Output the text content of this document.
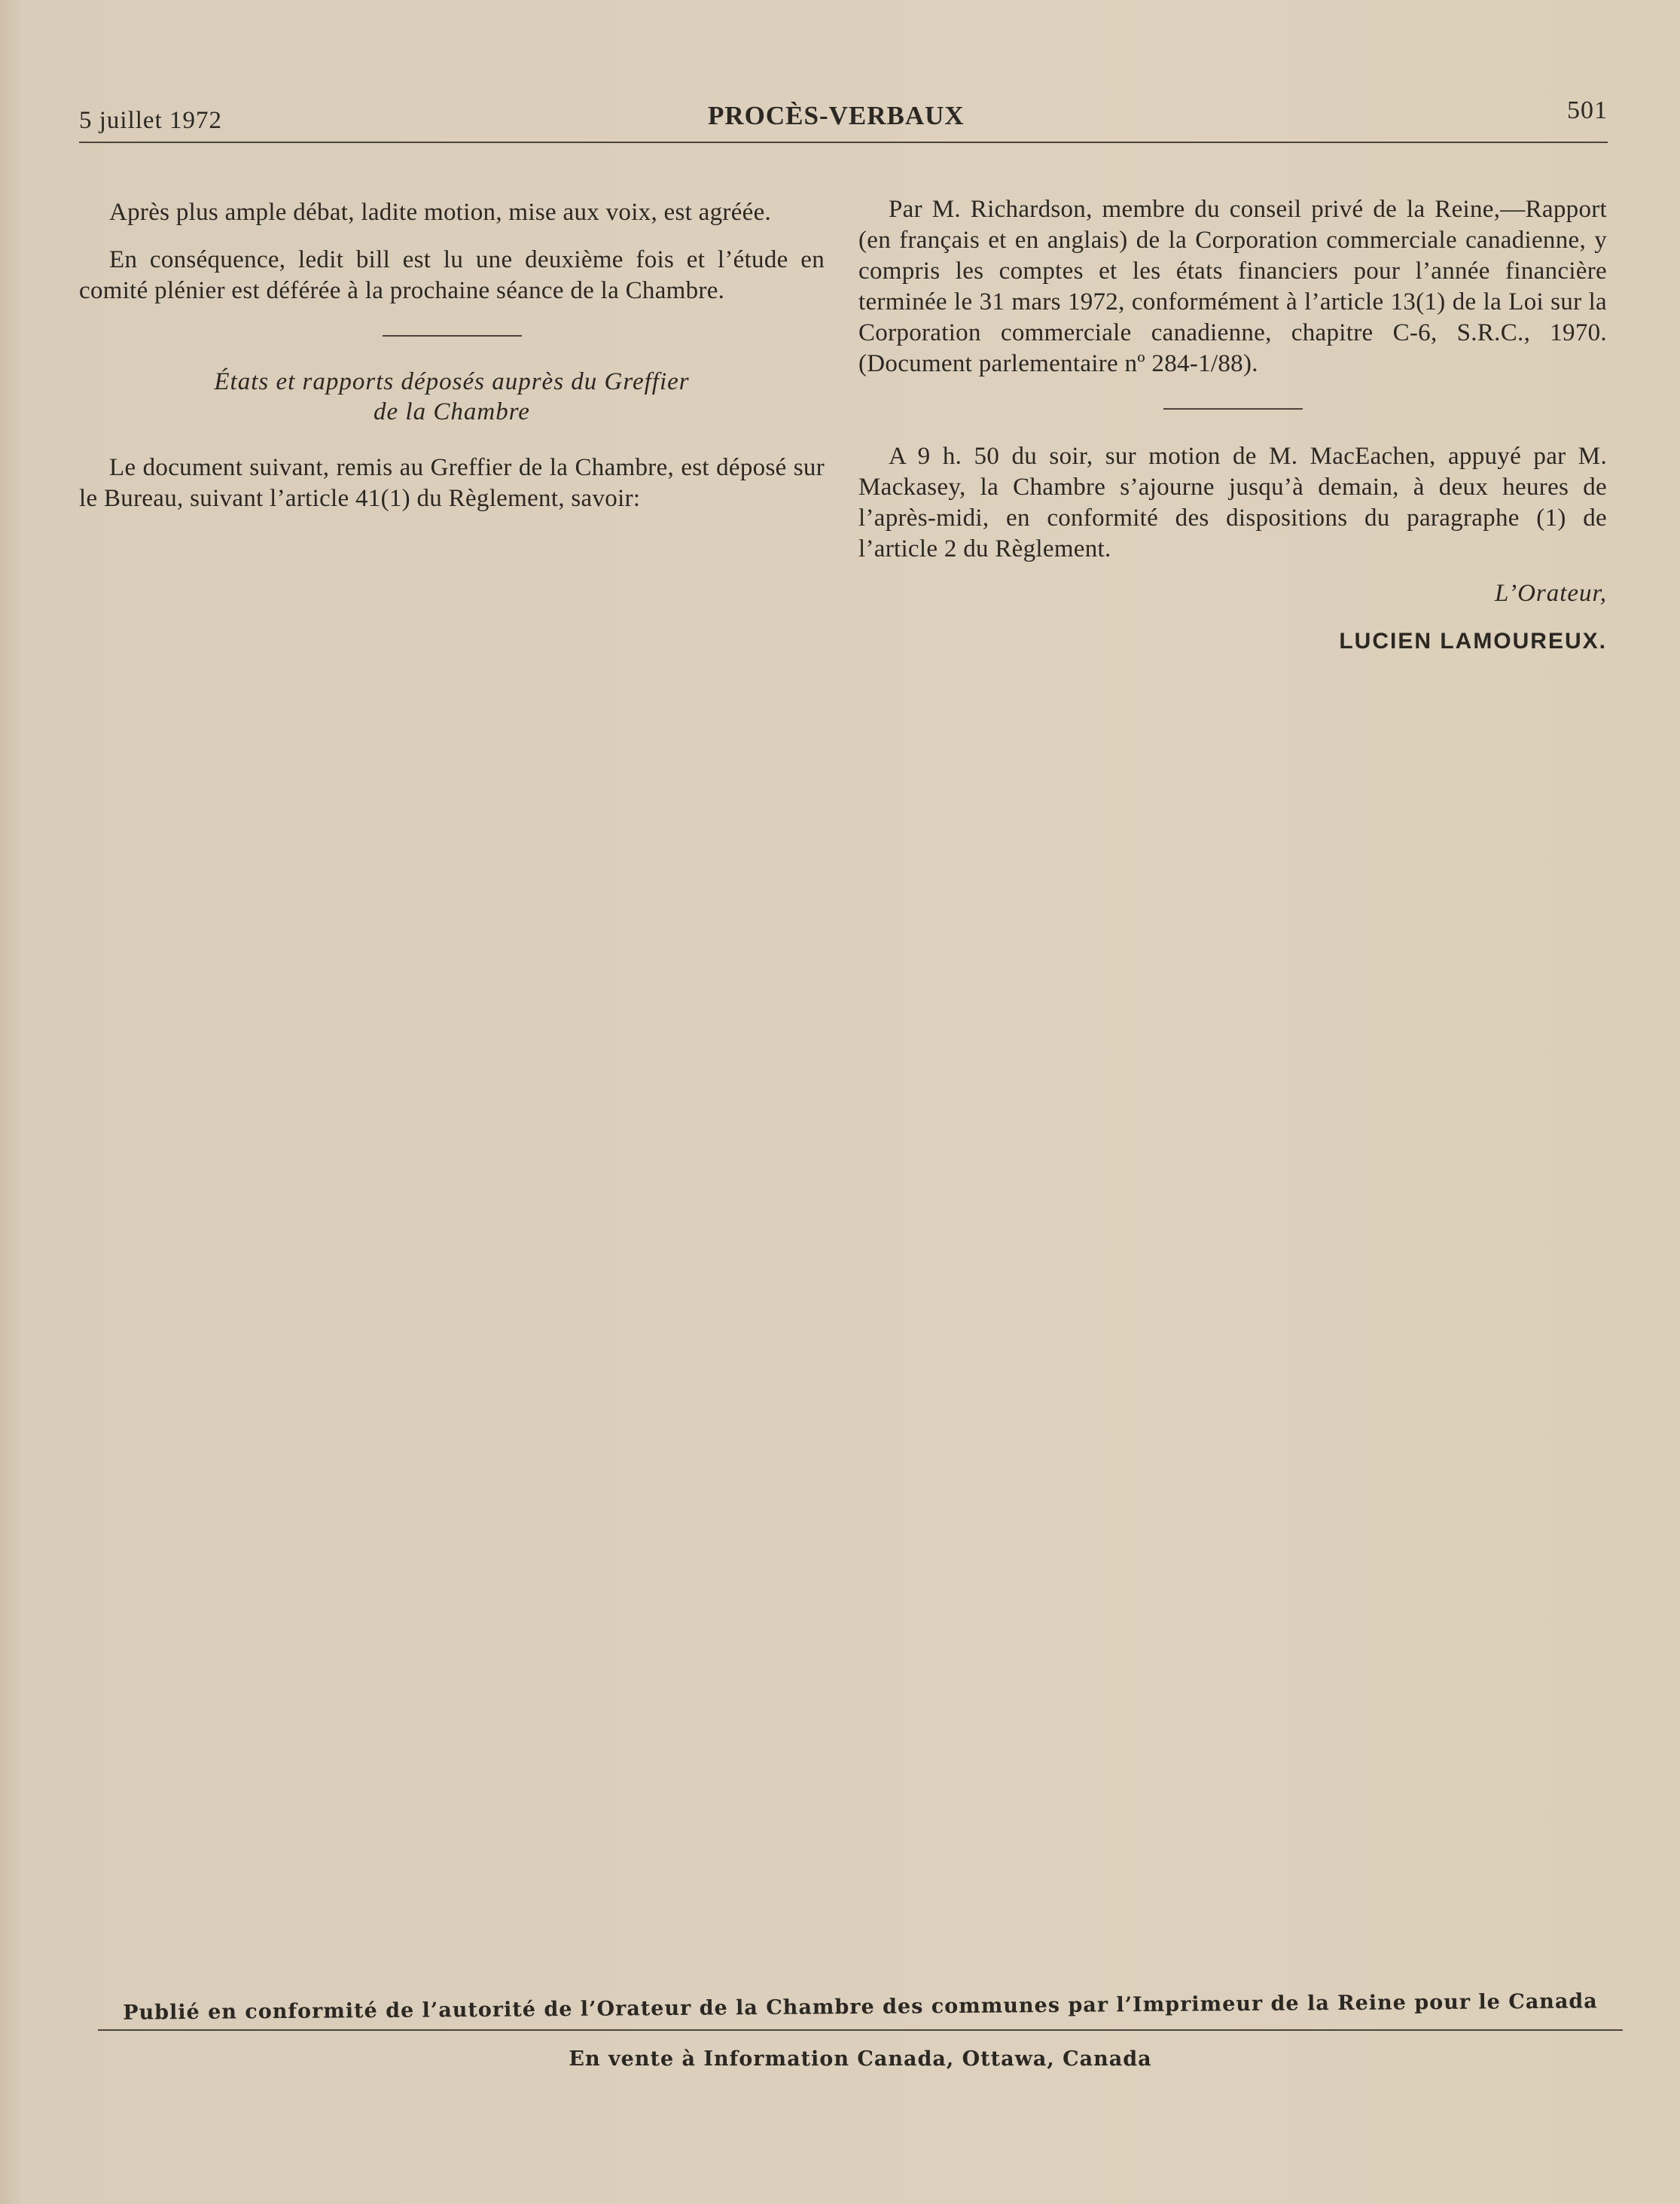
5 juillet 1972	PROCÈS-VERBAUX	501

Après plus ample débat, ladite motion, mise aux voix, est agréée.

En conséquence, ledit bill est lu une deuxième fois et l’étude en comité plénier est déférée à la prochaine séance de la Chambre.

États et rapports déposés auprès du Greffier
de la Chambre

Le document suivant, remis au Greffier de la Chambre, est déposé sur le Bureau, suivant l’article 41(1) du Règlement, savoir:

Par M. Richardson, membre du conseil privé de la Reine,—Rapport (en français et en anglais) de la Corporation commerciale canadienne, y compris les comptes et les états financiers pour l’année financière terminée le 31 mars 1972, conformément à l’article 13(1) de la Loi sur la Corporation commerciale canadienne, chapitre C-6, S.R.C., 1970. (Document parlementaire nº 284-1/88).

A 9 h. 50 du soir, sur motion de M. MacEachen, appuyé par M. Mackasey, la Chambre s’ajourne jusqu’à demain, à deux heures de l’après-midi, en conformité des dispositions du paragraphe (1) de l’article 2 du Règlement.

L’Orateur,
LUCIEN LAMOUREUX.
Publié en conformité de l’autorité de l’Orateur de la Chambre des communes par l’Imprimeur de la Reine pour le Canada
En vente à Information Canada, Ottawa, Canada
